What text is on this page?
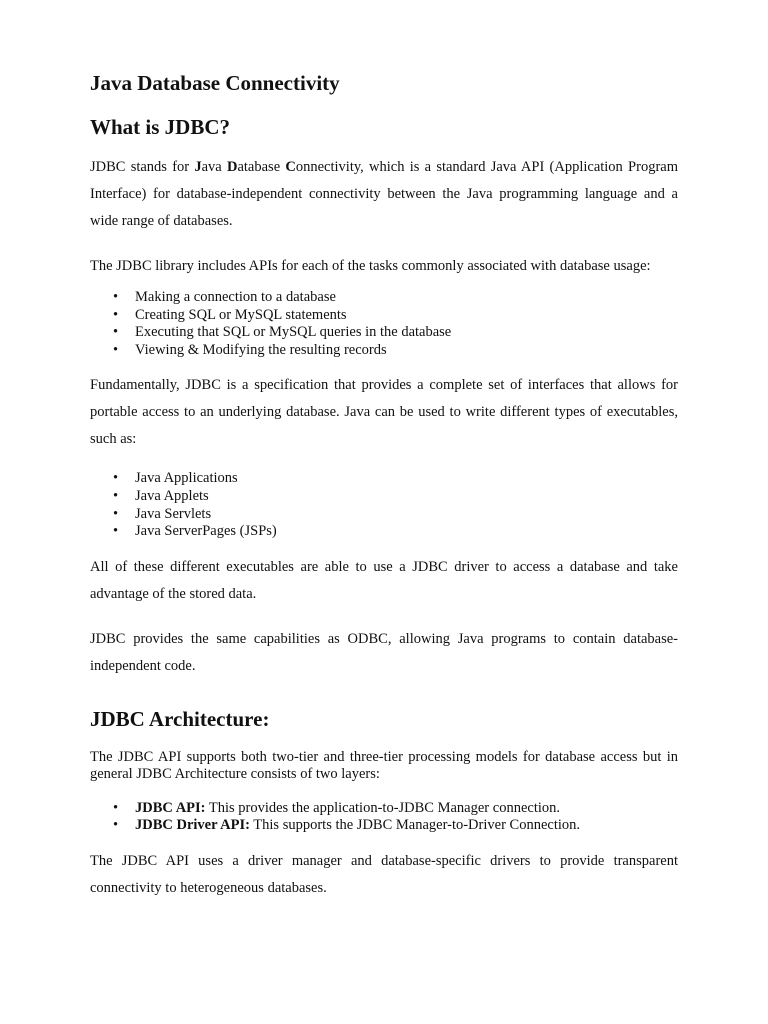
Java Database Connectivity
What is JDBC?

JDBC stands for Java Database Connectivity, which is a standard Java API (Application Program Interface) for database-independent connectivity between the Java programming language and a wide range of databases.

The JDBC library includes APIs for each of the tasks commonly associated with database usage:

• Making a connection to a database
• Creating SQL or MySQL statements
• Executing that SQL or MySQL queries in the database
• Viewing & Modifying the resulting records

Fundamentally, JDBC is a specification that provides a complete set of interfaces that allows for portable access to an underlying database. Java can be used to write different types of executables, such as:

• Java Applications
• Java Applets
• Java Servlets
• Java ServerPages (JSPs)

All of these different executables are able to use a JDBC driver to access a database and take advantage of the stored data.

JDBC provides the same capabilities as ODBC, allowing Java programs to contain database-independent code.

JDBC Architecture:

The JDBC API supports both two-tier and three-tier processing models for database access but in general JDBC Architecture consists of two layers:

• JDBC API: This provides the application-to-JDBC Manager connection.
• JDBC Driver API: This supports the JDBC Manager-to-Driver Connection.

The JDBC API uses a driver manager and database-specific drivers to provide transparent connectivity to heterogeneous databases.
